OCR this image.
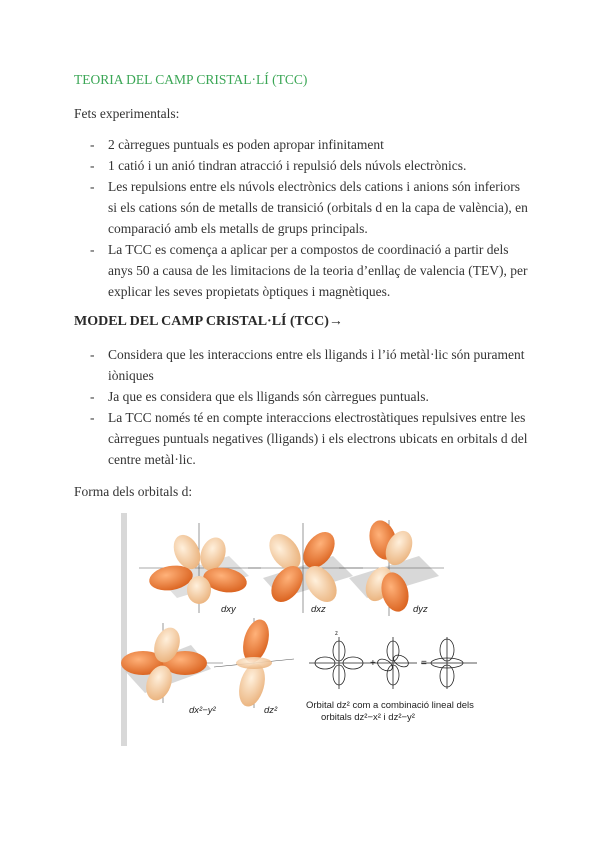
TEORIA DEL CAMP CRISTAL·LÍ (TCC)
Fets experimentals:
- 2 càrregues puntuals es poden apropar infinitament
- 1 catió i un anió tindran atracció i repulsió dels núvols electrònics.
- Les repulsions entre els núvols electrònics dels cations i anions són inferiors si els cations són de metalls de transició (orbitals d en la capa de valència), en comparació amb els metalls de grups principals.
- La TCC es comença a aplicar per a compostos de coordinació a partir dels anys 50 a causa de les limitacions de la teoria d’enllaç de valencia (TEV), per explicar les seves propietats òptiques i magnètiques.
MODEL DEL CAMP CRISTAL·LÍ (TCC)→
- Considera que les interaccions entre els lligands i l’ió metàl·lic són purament iòniques
- Ja que es considera que els lligands són càrregues puntuals.
- La TCC només té en compte interaccions electrostàtiques repulsives entre les càrregues puntuals negatives (lligands) i els electrons ubicats en orbitals d del centre metàl·lic.
Forma dels orbitals d:
dxy	dxz	dyz
dx²−y²	dz²
z
+	=
Orbital dz² com a combinació lineal dels
orbitals dz²−x² i dz²−y²
